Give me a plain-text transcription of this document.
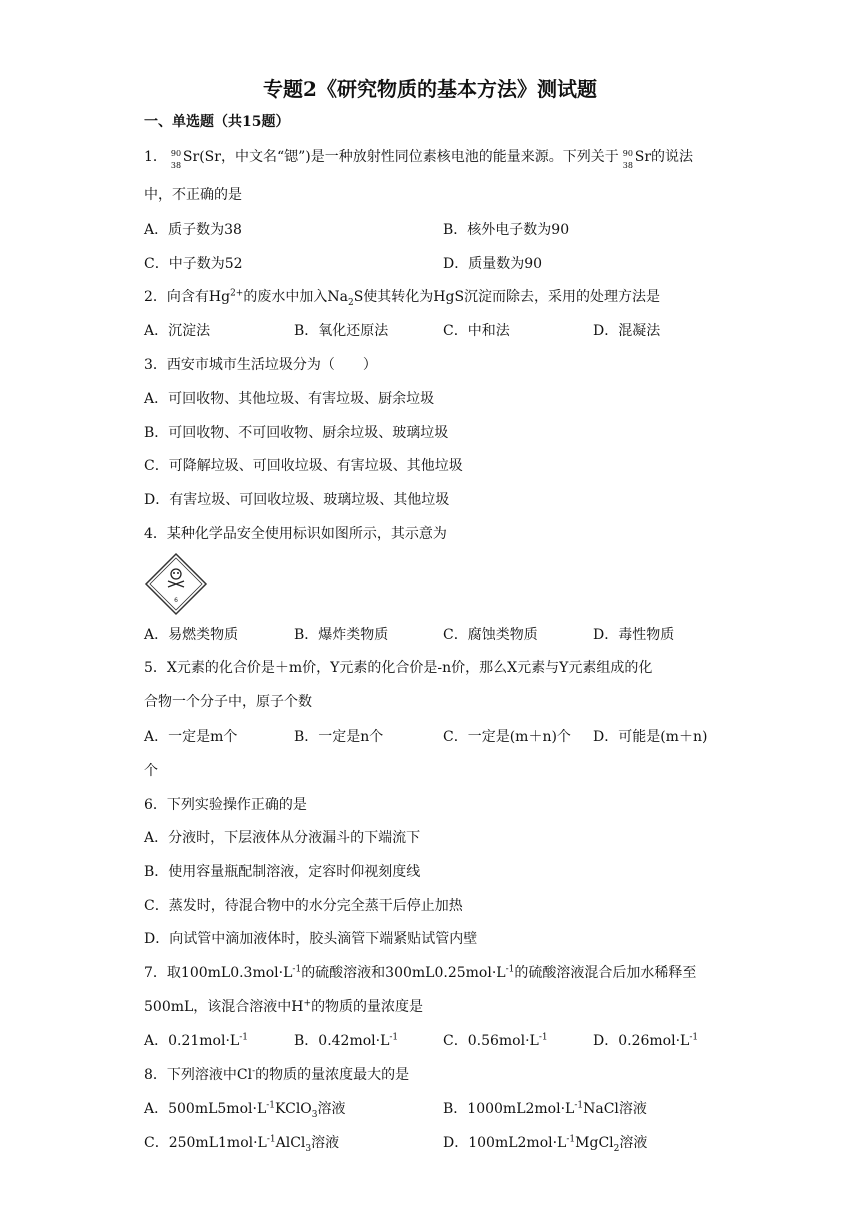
专题2《研究物质的基本方法》测试题
一、单选题（共15题）
1． 90
38
Sr(Sr，中文名“锶”)是一种放射性同位素核电池的能量来源。下列关于 90
38
Sr的说法
中，不正确的是
A．质子数为38	B．核外电子数为90
C．中子数为52	D．质量数为90
2．向含有$Hg^{2+}$的废水中加入$Na_2S$使其转化为HgS沉淀而除去，采用的处理方法是
A．沉淀法	B．氧化还原法	C．中和法	D．混凝法
3．西安市城市生活垃圾分为（　　）
A．可回收物、其他垃圾、有害垃圾、厨余垃圾
B．可回收物、不可回收物、厨余垃圾、玻璃垃圾
C．可降解垃圾、可回收垃圾、有害垃圾、其他垃圾
D．有害垃圾、可回收垃圾、玻璃垃圾、其他垃圾
4．某种化学品安全使用标识如图所示，其示意为
6
A．易燃类物质	B．爆炸类物质	C．腐蚀类物质	D．毒性物质
5．X元素的化合价是＋m价，Y元素的化合价是-n价，那么X元素与Y元素组成的化
合物一个分子中，原子个数
A．一定是m个	B．一定是n个	C．一定是(m＋n)个 D．可能是(m＋n)
个
6．下列实验操作正确的是
A．分液时，下层液体从分液漏斗的下端流下
B．使用容量瓶配制溶液，定容时仰视刻度线
C．蒸发时，待混合物中的水分完全蒸干后停止加热
D．向试管中滴加液体时，胶头滴管下端紧贴试管内壁
7．取$100mL0.3mol\cdot L^{-1}$的硫酸溶液和$300mL0.25mol\cdot L^{-1}$的硫酸溶液混合后加水稀释至
500mL，该混合溶液中H+的物质的量浓度是
A．$0.21mol\cdot L^{-1}$	B．$0.42mol\cdot L^{-1}$	C．$0.56mol\cdot L^{-1}$	D．$0.26mol\cdot L^{-1}$
8．下列溶液中Cl-的物质的量浓度最大的是
A．$500mL5mol\cdot L^{-1}KClO_3$溶液	B．$1000mL2mol\cdot L^{-1}NaCl$溶液
C．$250mL1mol\cdot L^{-1}AlCl_3$溶液	D．$100mL2mol\cdot L^{-1}MgCl_2$溶液
